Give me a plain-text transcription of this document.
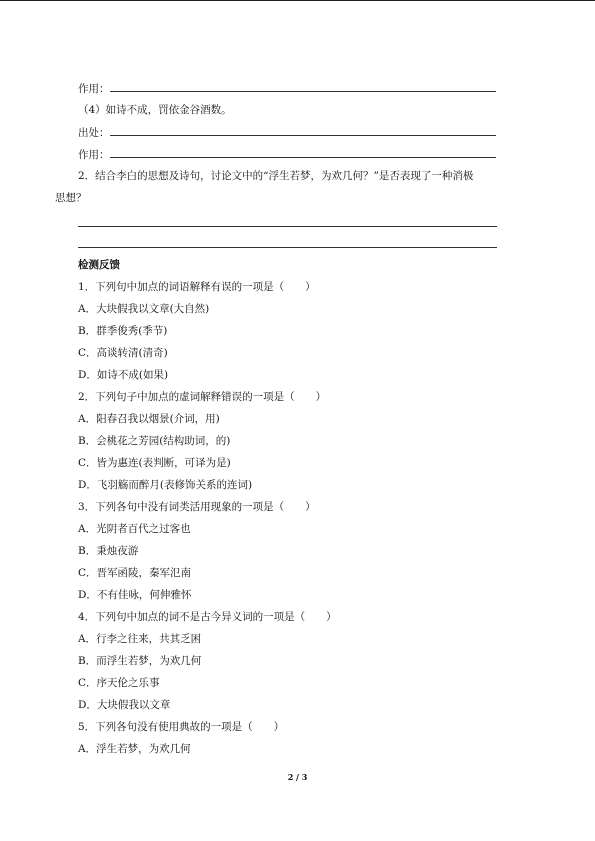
作用：
（4）如诗不成，罚依金谷酒数。
出处：
作用：
2．结合李白的思想及诗句，讨论文中的“浮生若梦，为欢几何？”是否表现了一种消极
思想？
检测反馈
1．下列句中加点的词语解释有误的一项是（　　）
A．大块假我以文章(大自然)
B．群季俊秀(季节)
C．高谈转清(清奇)
D．如诗不成(如果)
2．下列句子中加点的虚词解释错误的一项是（　　）
A．阳春召我以烟景(介词，用)
B．会桃花之芳园(结构助词，的)
C．皆为惠连(表判断，可译为是)
D．飞羽觞而醉月(表修饰关系的连词)
3．下列各句中没有词类活用现象的一项是（　　）
A．光阴者百代之过客也
B．秉烛夜游
C．晋军函陵，秦军氾南
D．不有佳咏，何伸雅怀
4．下列句中加点的词不是古今异义词的一项是（　　）
A．行李之往来，共其乏困
B．而浮生若梦，为欢几何
C．序天伦之乐事
D．大块假我以文章
5．下列各句没有使用典故的一项是（　　）
A．浮生若梦，为欢几何
2 / 3
